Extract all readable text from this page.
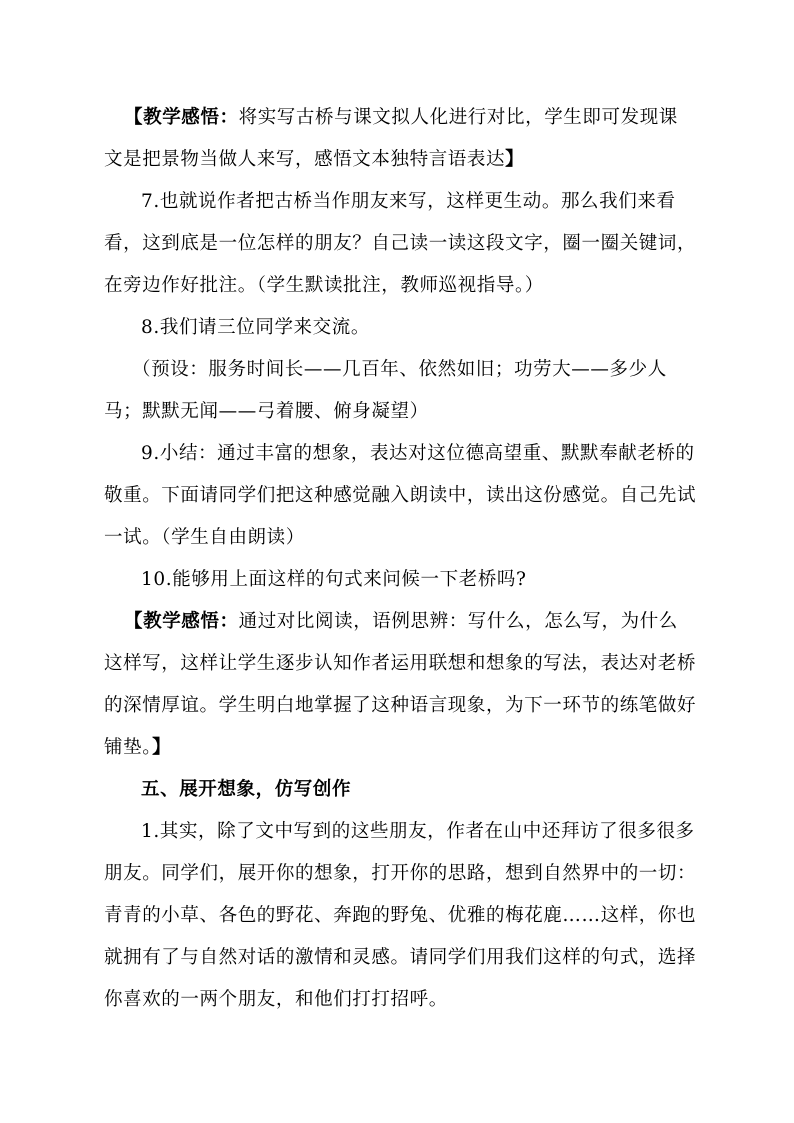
【教学感悟：将实写古桥与课文拟人化进行对比，学生即可发现课
文是把景物当做人来写，感悟文本独特言语表达】
7.也就说作者把古桥当作朋友来写，这样更生动。那么我们来看
看，这到底是一位怎样的朋友？自己读一读这段文字，圈一圈关键词，
在旁边作好批注。（学生默读批注，教师巡视指导。）
8.我们请三位同学来交流。
（预设：服务时间长——几百年、依然如旧；功劳大——多少人
马；默默无闻——弓着腰、俯身凝望）
9.小结：通过丰富的想象，表达对这位德高望重、默默奉献老桥的
敬重。下面请同学们把这种感觉融入朗读中，读出这份感觉。自己先试
一试。（学生自由朗读）
10.能够用上面这样的句式来问候一下老桥吗?
【教学感悟：通过对比阅读，语例思辨：写什么，怎么写，为什么
这样写，这样让学生逐步认知作者运用联想和想象的写法，表达对老桥
的深情厚谊。学生明白地掌握了这种语言现象，为下一环节的练笔做好
铺垫。】
五、展开想象，仿写创作
1.其实，除了文中写到的这些朋友，作者在山中还拜访了很多很多
朋友。同学们，展开你的想象，打开你的思路，想到自然界中的一切：
青青的小草、各色的野花、奔跑的野兔、优雅的梅花鹿……这样，你也
就拥有了与自然对话的激情和灵感。请同学们用我们这样的句式，选择
你喜欢的一两个朋友，和他们打打招呼。
